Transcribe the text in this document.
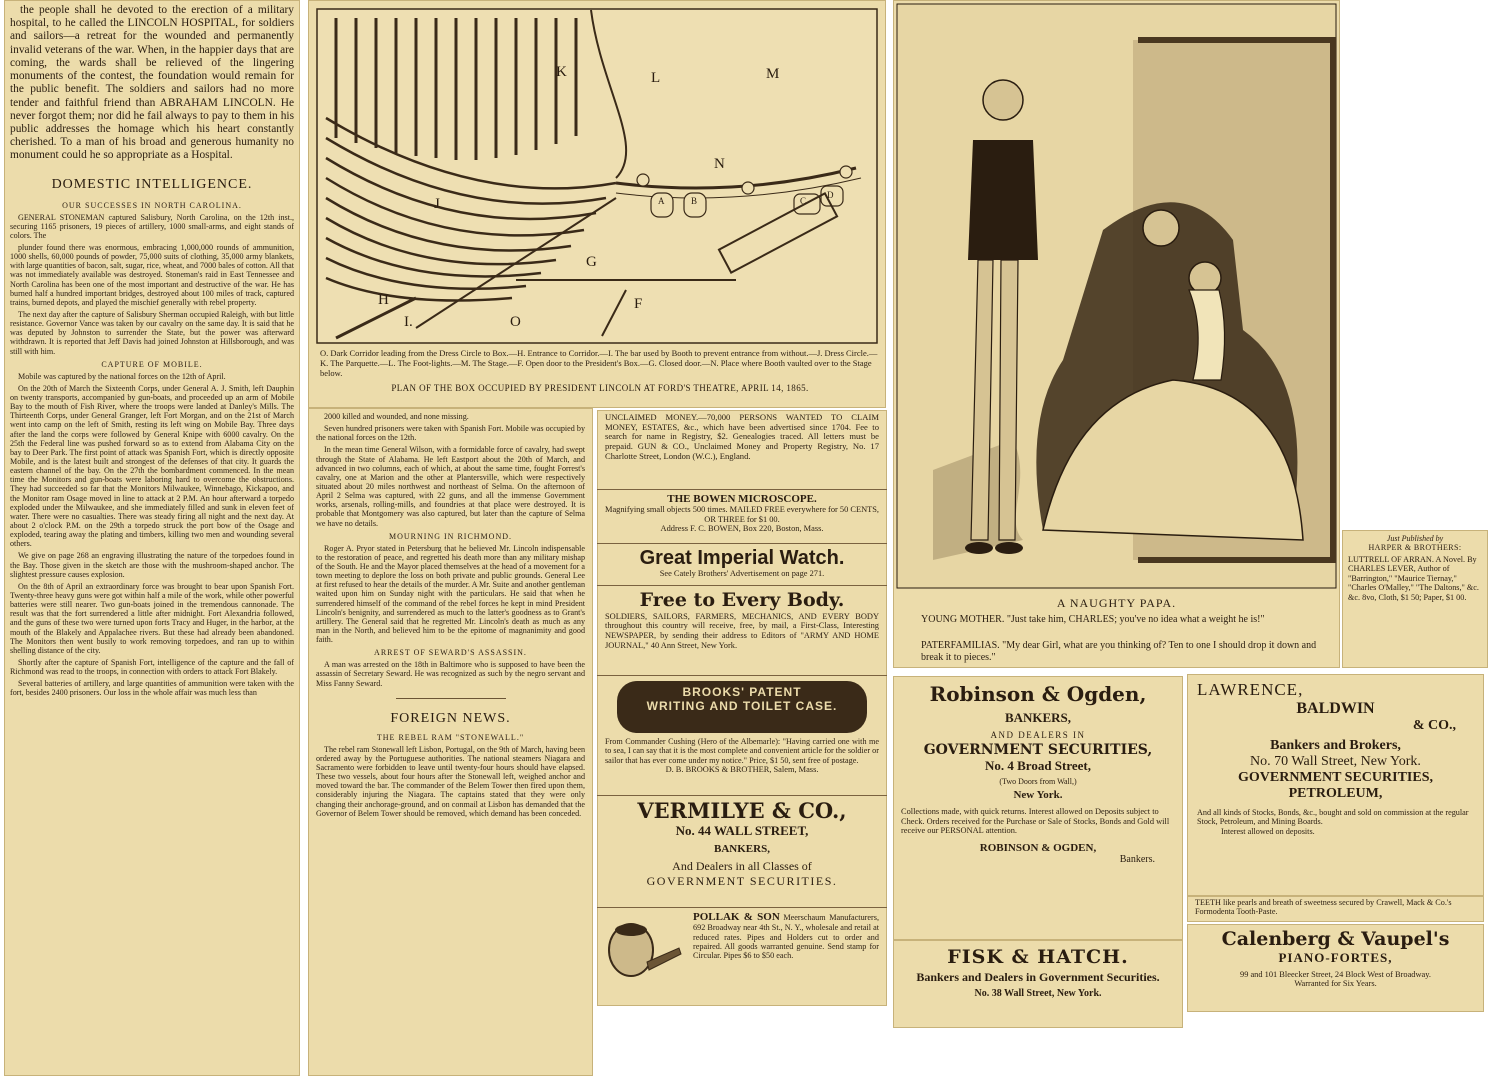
the people shall he devoted to the erection of a military hospital, to he called the LINCOLN HOSPITAL, for soldiers and sailors—a retreat for the wounded and permanently invalid veterans of the war. When, in the happier days that are coming, the wards shall be relieved of the lingering monuments of the contest, the foundation would remain for the public benefit. The soldiers and sailors had no more tender and faithful friend than ABRAHAM LINCOLN. He never forgot them; nor did he fail always to pay to them in his public addresses the homage which his heart constantly cherished. To a man of his broad and generous humanity no monument could he so appropriate as a Hospital.

DOMESTIC INTELLIGENCE.
OUR SUCCESSES IN NORTH CAROLINA.

GENERAL STONEMAN captured Salisbury, North Carolina, on the 12th inst., securing 1165 prisoners, 19 pieces of artillery, 1000 small-arms, and eight stands of colors. The

plunder found there was enormous, embracing 1,000,000 rounds of ammunition, 1000 shells, 60,000 pounds of powder, 75,000 suits of clothing, 35,000 army blankets, with large quantities of bacon, salt, sugar, rice, wheat, and 7000 bales of cotton. All that was not immediately available was destroyed. Stoneman's raid in East Tennessee and North Carolina has been one of the most important and destructive of the war. He has burned half a hundred important bridges, destroyed about 100 miles of track, captured trains, burned depots, and played the mischief generally with rebel property.

The next day after the capture of Salisbury Sherman occupied Raleigh, with but little resistance. Governor Vance was taken by our cavalry on the same day. It is said that he was deputed by Johnston to surrender the State, but the power was afterward withdrawn. It is reported that Jeff Davis had joined Johnston at Hillsborough, and was still with him.

CAPTURE OF MOBILE.

Mobile was captured by the national forces on the 12th of April.

On the 20th of March the Sixteenth Corps, under General A. J. Smith, left Dauphin on twenty transports, accompanied by gun-boats, and proceeded up an arm of Mobile Bay to the mouth of Fish River, where the troops were landed at Danley's Mills. The Thirteenth Corps, under General Granger, left Fort Morgan, and on the 21st of March went into camp on the left of Smith, resting its left wing on Mobile Bay. Three days after the land the corps were followed by General Knipe with 6000 cavalry. On the 25th the Federal line was pushed forward so as to extend from Alabama City on the bay to Deer Park. The first point of attack was Spanish Fort, which is directly opposite Mobile, and is the latest built and strongest of the defenses of that city. It guards the eastern channel of the bay. On the 27th the bombardment commenced. In the mean time the Monitors and gun-boats were laboring hard to overcome the obstructions. They had succeeded so far that the Monitors Milwaukee, Winnebago, Kickapoo, and the Monitor ram Osage moved in line to attack at 2 P.M. An hour afterward a torpedo exploded under the Milwaukee, and she immediately filled and sunk in eleven feet of water. There were no casualties. There was steady firing all night and the next day. At about 2 o'clock P.M. on the 29th a torpedo struck the port bow of the Osage and exploded, tearing away the plating and timbers, killing two men and wounding several others.

We give on page 268 an engraving illustrating the nature of the torpedoes found in the Bay. Those given in the sketch are those with the mushroom-shaped anchor. The slightest pressure causes explosion.

On the 8th of April an extraordinary force was brought to bear upon Spanish Fort. Twenty-three heavy guns were got within half a mile of the work, while other powerful batteries were still nearer. Two gun-boats joined in the tremendous cannonade. The result was that the fort surrendered a little after midnight. Fort Alexandria followed, and the guns of these two were turned upon forts Tracy and Huger, in the harbor, at the mouth of the Blakely and Appalachee rivers. But these had already been abandoned. The Monitors then went busily to work removing torpedoes, and ran up to within shelling distance of the city.

Shortly after the capture of Spanish Fort, intelligence of the capture and the fall of Richmond was read to the troops, in connection with orders to attack Fort Blakely.

Several batteries of artillery, and large quantities of ammunition were taken with the fort, besides 2400 prisoners. Our loss in the whole affair was much less than

K	L	M
J
N
A	B	C
D
G
H
I.	O
F
O. Dark Corridor leading from the Dress Circle to Box.—H. Entrance to Corridor.—I. The bar used by Booth to prevent entrance from without.—J. Dress Circle.—K. The Parquette.—L. The Foot-lights.—M. The Stage.—F. Open door to the President's Box.—G. Closed door.—N. Place where Booth vaulted over to the Stage below.
PLAN OF THE BOX OCCUPIED BY PRESIDENT LINCOLN AT FORD'S THEATRE, APRIL 14, 1865.

2000 killed and wounded, and none missing.

Seven hundred prisoners were taken with Spanish Fort. Mobile was occupied by the national forces on the 12th.

In the mean time General Wilson, with a formidable force of cavalry, had swept through the State of Alabama. He left Eastport about the 20th of March, and advanced in two columns, each of which, at about the same time, fought Forrest's cavalry, one at Marion and the other at Plantersville, which were respectively situated about 20 miles northwest and northeast of Selma. On the afternoon of April 2 Selma was captured, with 22 guns, and all the immense Government works, arsenals, rolling-mills, and foundries at that place were destroyed. It is probable that Montgomery was also captured, but later than the capture of Selma we have no details.

MOURNING IN RICHMOND.

Roger A. Pryor stated in Petersburg that he believed Mr. Lincoln indispensable to the restoration of peace, and regretted his death more than any military mishap of the South. He and the Mayor placed themselves at the head of a movement for a town meeting to deplore the loss on both private and public grounds. General Lee at first refused to hear the details of the murder. A Mr. Suite and another gentleman waited upon him on Sunday night with the particulars. He said that when he surrendered himself of the command of the rebel forces he kept in mind President Lincoln's benignity, and surrendered as much to the latter's goodness as to Grant's artillery. The General said that he regretted Mr. Lincoln's death as much as any man in the North, and believed him to be the epitome of magnanimity and good faith.

ARREST OF SEWARD'S ASSASSIN.

A man was arrested on the 18th in Baltimore who is supposed to have been the assassin of Secretary Seward. He was recognized as such by the negro servant and Miss Fanny Seward.

FOREIGN NEWS.
THE REBEL RAM "STONEWALL."

The rebel ram Stonewall left Lisbon, Portugal, on the 9th of March, having been ordered away by the Portuguese authorities. The national steamers Niagara and Sacramento were forbidden to leave until twenty-four hours should have elapsed. These two vessels, about four hours after the Stonewall left, weighed anchor and moved toward the bar. The commander of the Belem Tower then fired upon them, considerably injuring the Niagara. The captains stated that they were only changing their anchorage-ground, and on conmail at Lisbon has demanded that the Governor of Belem Tower should be removed, which demand has been conceded.

UNCLAIMED MONEY.—70,000 PERSONS WANTED TO CLAIM MONEY, ESTATES, &c., which have been advertised since 1704. Fee to search for name in Registry, $2. Genealogies traced. All letters must be prepaid. GUN & CO., Unclaimed Money and Property Registry, No. 17 Charlotte Street, London (W.C.), England.
THE BOWEN MICROSCOPE.
Magnifying small objects 500 times. MAILED FREE everywhere for 50 CENTS, OR THREE for $1 00.
Address F. C. BOWEN, Box 220, Boston, Mass.
Great Imperial Watch.
See Cately Brothers' Advertisement on page 271.
Free to Every Body.
SOLDIERS, SAILORS, FARMERS, MECHANICS, AND EVERY BODY throughout this country will receive, free, by mail, a First-Class, Interesting NEWSPAPER, by sending their address to Editors of "ARMY AND HOME JOURNAL," 40 Ann Street, New York.
BROOKS' PATENT
WRITING AND TOILET CASE.
From Commander Cushing (Hero of the Albemarle): "Having carried one with me to sea, I can say that it is the most complete and convenient article for the soldier or sailor that has ever come under my notice." Price, $1 50, sent free of postage.
D. B. BROOKS & BROTHER, Salem, Mass.
VERMILYE & CO.,
No. 44 WALL STREET,
BANKERS,
And Dealers in all Classes of
GOVERNMENT SECURITIES.
POLLAK & SON Meerschaum Manufacturers, 692 Broadway near 4th St., N. Y., wholesale and retail at reduced rates. Pipes and Holders cut to order and repaired. All goods warranted genuine. Send stamp for Circular. Pipes $6 to $50 each.
A NAUGHTY PAPA.
YOUNG MOTHER. "Just take him, CHARLES; you've no idea what a weight he is!"
PATERFAMILIAS. "My dear Girl, what are you thinking of? Ten to one I should drop it down and break it to pieces."
Just Published by
HARPER & BROTHERS:
LUTTRELL OF ARRAN. A Novel. By CHARLES LEVER, Author of "Barrington," "Maurice Tiernay," "Charles O'Malley," "The Daltons," &c. &c. 8vo, Cloth, $1 50; Paper, $1 00.
Robinson & Ogden,
BANKERS,
AND DEALERS IN
GOVERNMENT SECURITIES,
No. 4 Broad Street,
(Two Doors from Wall,)
New York.
Collections made, with quick returns. Interest allowed on Deposits subject to Check. Orders received for the Purchase or Sale of Stocks, Bonds and Gold will receive our PERSONAL attention.
ROBINSON & OGDEN,
Bankers.
FISK & HATCH.
Bankers and Dealers in Government Securities.
No. 38 Wall Street, New York.
LAWRENCE,
BALDWIN
& CO.,
Bankers and Brokers,
No. 70 Wall Street, New York.
GOVERNMENT SECURITIES,
PETROLEUM,
And all kinds of Stocks, Bonds, &c., bought and sold on commission at the regular Stock, Petroleum, and Mining Boards.
Interest allowed on deposits.
TEETH like pearls and breath of sweetness secured by Crawell, Mack & Co.'s Formodenta Tooth-Paste.
Calenberg & Vaupel's
PIANO-FORTES,
99 and 101 Bleecker Street, 24 Block West of Broadway.
Warranted for Six Years.
